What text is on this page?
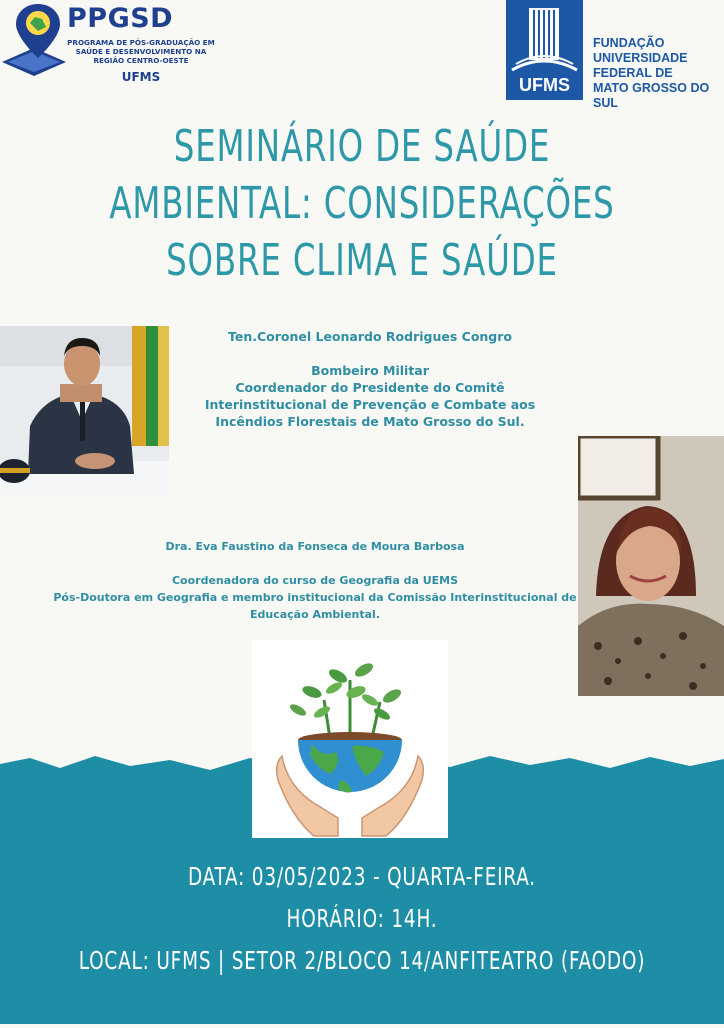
PPGSD
PROGRAMA DE PÓS-GRADUAÇÃO EM SAÚDE E DESENVOLVIMENTO NA REGIÃO CENTRO-OESTE
UFMS	UFMS
FUNDAÇÃO
UNIVERSIDADE
FEDERAL DE
MATO GROSSO DO SUL
SEMINÁRIO DE SAÚDE
AMBIENTAL: CONSIDERAÇÕES
SOBRE CLIMA E SAÚDE
Ten.Coronel Leonardo Rodrigues Congro
Bombeiro Militar
Coordenador do Presidente do Comitê
Interinstitucional de Prevenção e Combate aos
Incêndios Florestais de Mato Grosso do Sul.
Dra. Eva Faustino da Fonseca de Moura Barbosa
Coordenadora do curso de Geografia da UEMS
Pós-Doutora em Geografia e membro institucional da Comissão Interinstitucional de
Educação Ambiental.
DATA: 03/05/2023 - QUARTA-FEIRA.
HORÁRIO: 14H.
LOCAL: UFMS | SETOR 2/BLOCO 14/ANFITEATRO (FAODO)
